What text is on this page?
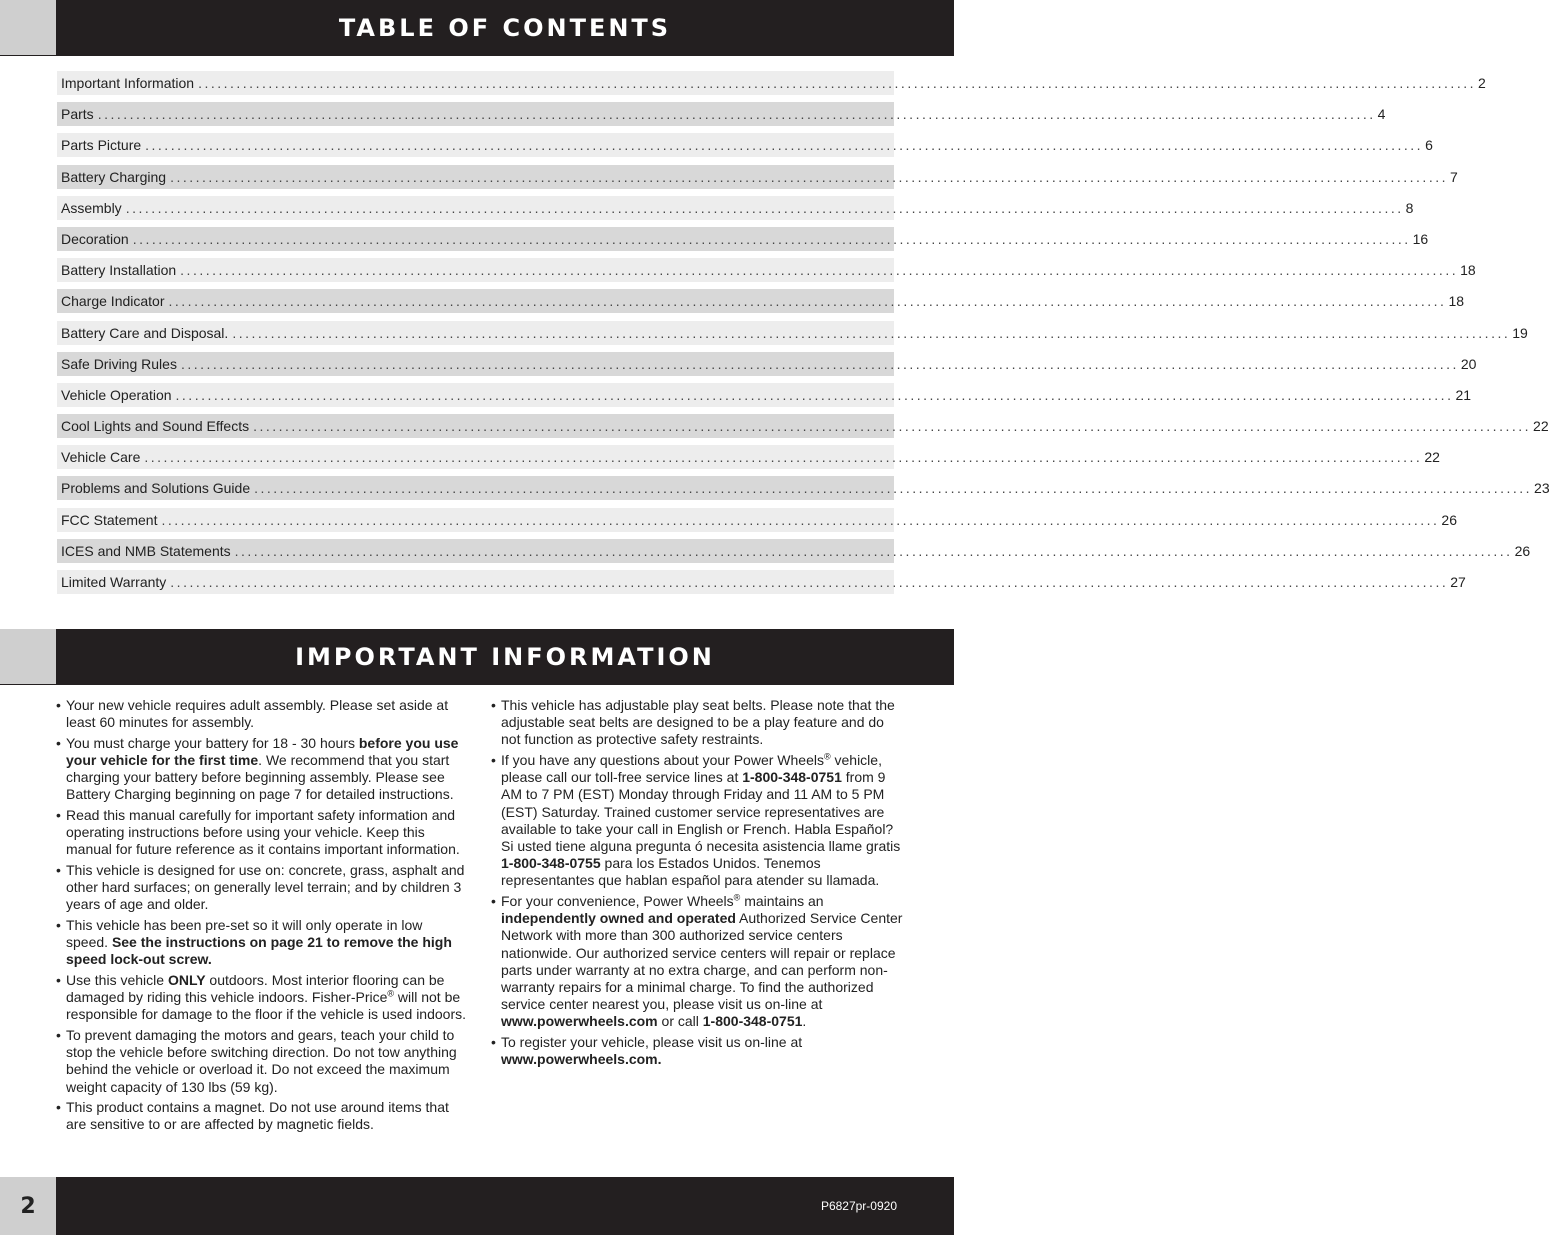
TABLE OF CONTENTS
Important Information ........................................................................................................................................................................................................ 2
Parts ........................................................................................................................................................................................................ 4
Parts Picture ........................................................................................................................................................................................................ 6
Battery Charging ........................................................................................................................................................................................................ 7
Assembly ........................................................................................................................................................................................................ 8
Decoration ........................................................................................................................................................................................................ 16
Battery Installation ........................................................................................................................................................................................................ 18
Charge Indicator ........................................................................................................................................................................................................ 18
Battery Care and Disposal. ........................................................................................................................................................................................................ 19
Safe Driving Rules ........................................................................................................................................................................................................ 20
Vehicle Operation ........................................................................................................................................................................................................ 21
Cool Lights and Sound Effects ........................................................................................................................................................................................................ 22
Vehicle Care ........................................................................................................................................................................................................ 22
Problems and Solutions Guide ........................................................................................................................................................................................................ 23
FCC Statement ........................................................................................................................................................................................................ 26
ICES and NMB Statements ........................................................................................................................................................................................................ 26
Limited Warranty ........................................................................................................................................................................................................ 27
IMPORTANT INFORMATION
• Your new vehicle requires adult assembly. Please set aside at least 60 minutes for assembly.
• You must charge your battery for 18 - 30 hours before you use your vehicle for the first time. We recommend that you start charging your battery before beginning assembly. Please see Battery Charging beginning on page 7 for detailed instructions.
• Read this manual carefully for important safety information and operating instructions before using your vehicle. Keep this manual for future reference as it contains important information.
• This vehicle is designed for use on: concrete, grass, asphalt and other hard surfaces; on generally level terrain; and by children 3 years of age and older.
• This vehicle has been pre-set so it will only operate in low speed. See the instructions on page 21 to remove the high speed lock-out screw.
• Use this vehicle ONLY outdoors. Most interior flooring can be damaged by riding this vehicle indoors. Fisher-Price® will not be responsible for damage to the floor if the vehicle is used indoors.
• To prevent damaging the motors and gears, teach your child to stop the vehicle before switching direction. Do not tow anything behind the vehicle or overload it. Do not exceed the maximum weight capacity of 130 lbs (59 kg).
• This product contains a magnet. Do not use around items that are sensitive to or are affected by magnetic fields.
• This vehicle has adjustable play seat belts. Please note that the adjustable seat belts are designed to be a play feature and do not function as protective safety restraints.
• If you have any questions about your Power Wheels® vehicle, please call our toll-free service lines at 1-800-348-0751 from 9 AM to 7 PM (EST) Monday through Friday and 11 AM to 5 PM (EST) Saturday. Trained customer service representatives are available to take your call in English or French. Habla Español? Si usted tiene alguna pregunta ó necesita asistencia llame gratis 1-800-348-0755 para los Estados Unidos. Tenemos representantes que hablan español para atender su llamada.
• For your convenience, Power Wheels® maintains an independently owned and operated Authorized Service Center Network with more than 300 authorized service centers nationwide. Our authorized service centers will repair or replace parts under warranty at no extra charge, and can perform non-warranty repairs for a minimal charge. To find the authorized service center nearest you, please visit us on-line at www.powerwheels.com or call 1-800-348-0751.
• To register your vehicle, please visit us on-line at www.powerwheels.com.
2	P6827pr-0920
